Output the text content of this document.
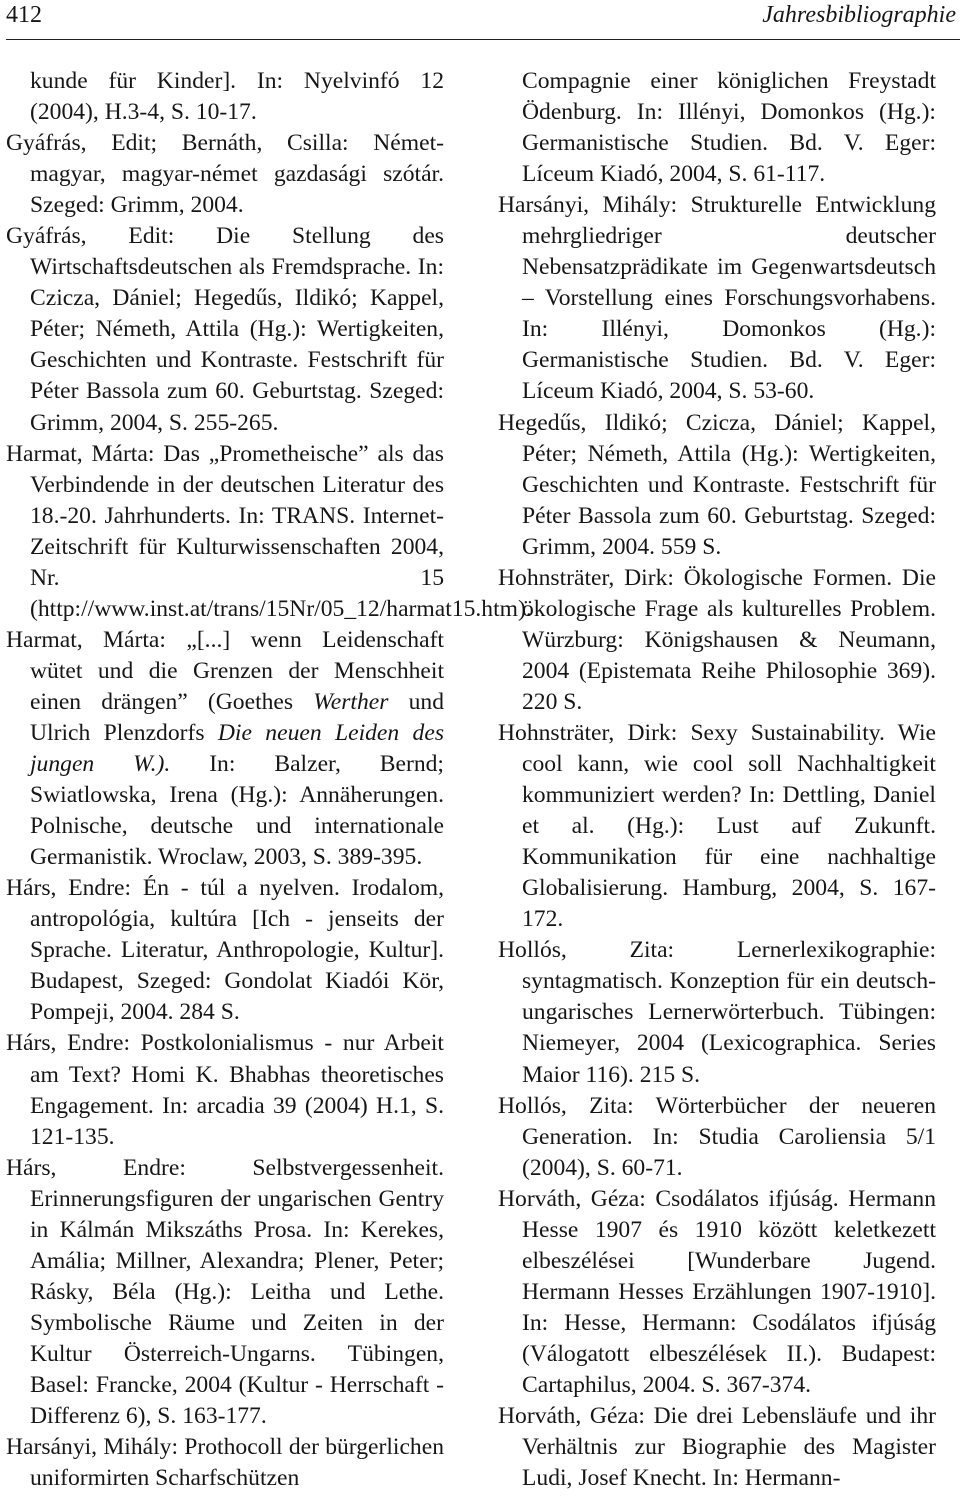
412	Jahresbibliographie

kunde für Kinder]. In: Nyelvinfó 12 (2004), H.3-4, S. 10-17.

Gyáfrás, Edit; Bernáth, Csilla: Német-magyar, magyar-német gazdasági szótár. Szeged: Grimm, 2004.

Gyáfrás, Edit: Die Stellung des Wirtschaftsdeutschen als Fremdsprache. In: Czicza, Dániel; Hegedűs, Ildikó; Kappel, Péter; Németh, Attila (Hg.): Wertigkeiten, Geschichten und Kontraste. Festschrift für Péter Bassola zum 60. Geburtstag. Szeged: Grimm, 2004, S. 255-265.

Harmat, Márta: Das „Prometheische” als das Verbindende in der deutschen Literatur des 18.-20. Jahrhunderts. In: TRANS. Internet-Zeitschrift für Kulturwissenschaften 2004, Nr. 15 (http://www.inst.at/trans/15Nr/05_12/harmat15.htm).

Harmat, Márta: „[...] wenn Leidenschaft wütet und die Grenzen der Menschheit einen drängen” (Goethes Werther und Ulrich Plenzdorfs Die neuen Leiden des jungen W.). In: Balzer, Bernd; Swiatlowska, Irena (Hg.): Annäherungen. Polnische, deutsche und internationale Germanistik. Wroclaw, 2003, S. 389-395.

Hárs, Endre: Én - túl a nyelven. Irodalom, antropológia, kultúra [Ich - jenseits der Sprache. Literatur, Anthropologie, Kultur]. Budapest, Szeged: Gondolat Kiadói Kör, Pompeji, 2004. 284 S.

Hárs, Endre: Postkolonialismus - nur Arbeit am Text? Homi K. Bhabhas theoretisches Engagement. In: arcadia 39 (2004) H.1, S. 121-135.

Hárs, Endre: Selbstvergessenheit. Erinnerungsfiguren der ungarischen Gentry in Kálmán Mikszáths Prosa. In: Kerekes, Amália; Millner, Alexandra; Plener, Peter; Rásky, Béla (Hg.): Leitha und Lethe. Symbolische Räume und Zeiten in der Kultur Österreich-Ungarns. Tübingen, Basel: Francke, 2004 (Kultur - Herrschaft - Differenz 6), S. 163-177.

Harsányi, Mihály: Prothocoll der bürgerlichen uniformirten Scharfschützen

Compagnie einer königlichen Freystadt Ödenburg. In: Illényi, Domonkos (Hg.): Germanistische Studien. Bd. V. Eger: Líceum Kiadó, 2004, S. 61-117.

Harsányi, Mihály: Strukturelle Entwicklung mehrgliedriger deutscher Nebensatzprädikate im Gegenwartsdeutsch – Vorstellung eines Forschungsvorhabens. In: Illényi, Domonkos (Hg.): Germanistische Studien. Bd. V. Eger: Líceum Kiadó, 2004, S. 53-60.

Hegedűs, Ildikó; Czicza, Dániel; Kappel, Péter; Németh, Attila (Hg.): Wertigkeiten, Geschichten und Kontraste. Festschrift für Péter Bassola zum 60. Geburtstag. Szeged: Grimm, 2004. 559 S.

Hohnsträter, Dirk: Ökologische Formen. Die ökologische Frage als kulturelles Problem. Würzburg: Königshausen & Neumann, 2004 (Epistemata Reihe Philosophie 369). 220 S.

Hohnsträter, Dirk: Sexy Sustainability. Wie cool kann, wie cool soll Nachhaltigkeit kommuniziert werden? In: Dettling, Daniel et al. (Hg.): Lust auf Zukunft. Kommunikation für eine nachhaltige Globalisierung. Hamburg, 2004, S. 167-172.

Hollós, Zita: Lernerlexikographie: syntagmatisch. Konzeption für ein deutsch-ungarisches Lernerwörterbuch. Tübingen: Niemeyer, 2004 (Lexicographica. Series Maior 116). 215 S.

Hollós, Zita: Wörterbücher der neueren Generation. In: Studia Caroliensia 5/1 (2004), S. 60-71.

Horváth, Géza: Csodálatos ifjúság. Hermann Hesse 1907 és 1910 között keletkezett elbeszélései [Wunderbare Jugend. Hermann Hesses Erzählungen 1907-1910]. In: Hesse, Hermann: Csodálatos ifjúság (Válogatott elbeszélések II.). Budapest: Cartaphilus, 2004. S. 367-374.

Horváth, Géza: Die drei Lebensläufe und ihr Verhältnis zur Biographie des Magister Ludi, Josef Knecht. In: Hermann-
